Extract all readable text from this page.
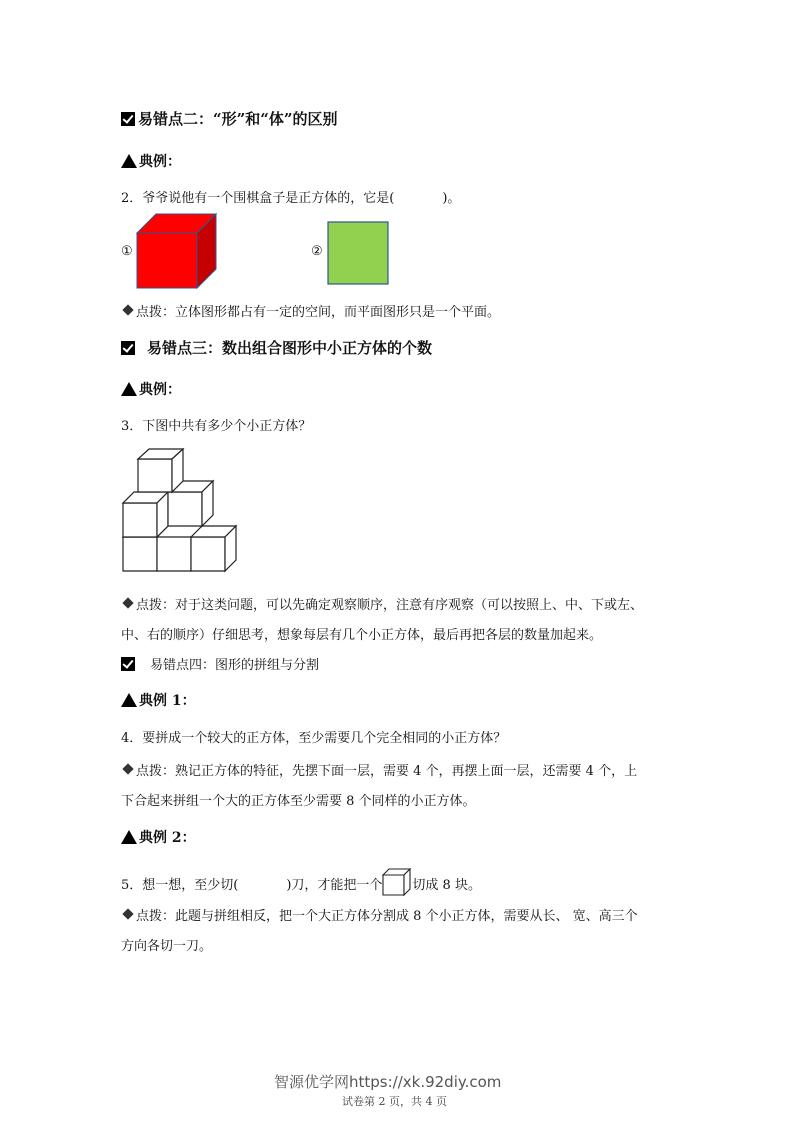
易错点二：“形”和“体”的区别
典例：
2．爷爷说他有一个围棋盒子是正方体的，它是(	)。
①	②
点拨：立体图形都占有一定的空间，而平面图形只是一个平面。
易错点三：数出组合图形中小正方体的个数
典例：
3．下图中共有多少个小正方体？
点拨：对于这类问题，可以先确定观察顺序，注意有序观察（可以按照上、中、下或左、
中、右的顺序）仔细思考，想象每层有几个小正方体，最后再把各层的数量加起来。
易错点四：图形的拼组与分割
典例 1：
4．要拼成一个较大的正方体，至少需要几个完全相同的小正方体？
点拨：熟记正方体的特征，先摆下面一层，需要 4 个，再摆上面一层，还需要 4 个，上
下合起来拼组一个大的正方体至少需要 8 个同样的小正方体。
典例 2：
5．想一想，至少切(	)刀，才能把一个 切成 8 块。
点拨：此题与拼组相反，把一个大正方体分割成 8 个小正方体，需要从长、 宽、高三个
方向各切一刀。
智源优学网https://xk.92diy.com
试卷第 2 页，共 4 页
